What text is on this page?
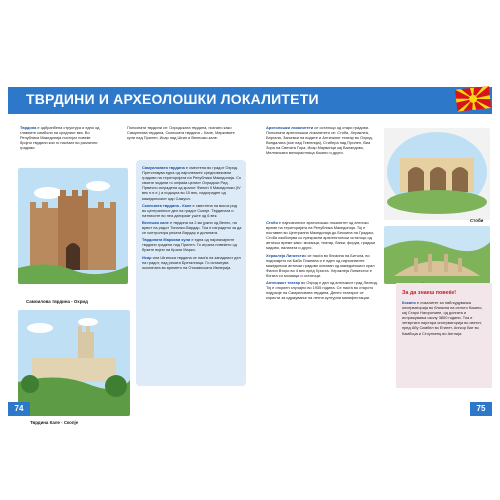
ТВРДИНИ И АРХЕОЛОШКИ ЛОКАЛИТЕТИ

Тврдина е одбранбена структура и едно од главните симболи на средниот век. Во Република Македонија постојат повеќе бројни тврдини кои го наоѓаат во различни градови.

Попознати тврдини се: Охридската тврдина, познато како Самуилова тврдина, Скопската тврдина – Кале, Марковите кули над Прилеп, Исар над Штип и Велешко кале.

Самоилова тврдина - Охрид
Тврдина Кале - Скопје

Самуиловата тврдина е сместена во градот Охрид. Претставува една од најголемите средновековни градови на територијата на Република Македонија. Со своите ѕидини го опфаќа целиот Охридски Рид. Првично изградена од кралот Филип II Македонски (IV век п.н.е.) а подоцна во 10 век, надограден од македонскиот цар Самуил.

Скопската тврдина - Кале е сместена на висок рид во централниот дел на градот Скопје. Тврдината и натписите во неа датираат уште од 6 век.

Велешко кале е тврдина на 2 км јужно од Велес, на врвот на ридот Топалко-Вардар. Тоа е изградено за да се контролира реката Вардар и долината.

Тврдината Маркови кули е една од најзначајните тврдини градени над Прилеп. Го играла повеќето од брзите војни на Крали Марко.

Исар или Штипска тврдина се наоѓа на западниот дел на градот, над реката Брегалница. Го истакнува околината во времето на Отоманската Империја.

74

Археолошки локалитети се остатоци од стари градови. Попознати археолошки локалитети се: Стоби, Хераклеа, Баргала, Зањевси на водите и Античкиот театар во Охрид, Виндалата (кое над Гевгелија), Стибера над Прилеп, Виа Зора на Светата Гора, Исар Марвинци кај Валандово, Мелничката мепорастница Кокино и други.

Стоби

Стоби е најпознатиот археолошки локалитет од античко време на територијата на Република Македонија. Тој е поставен во Централна Македонија до Бекоина на Градско. Стоби изобилува со прекрасни архитектонски остатоци од античко време како: мозаици, театар, бањи, форум, градски ѕидови, палатата и друго.

Хераклеја Линкестис се наоѓа во близина на Битола, во подножјето на Баба Планина и е еден од најпознатите македонски антички градови основан од македонскиот крал Филип Втори во 4 век пред Христа. Хераклеја Линкестис е богата со мозаици и остатоци.

Античкиот театар во Охрид е дел од античкиот град Лихнид. Тој е откриен случајно во 1935 година. Се наоѓа во старото подрачје на Самуиловата тврдина. Денес театарот се користи за одржување на летни културни манифестации.

За да знаеш повеќе!

Кокино е локалитет за набљудувачка опсерваторија во близина на селото Кокино, кај Старо Нагоричане, од долгата и истражувања околу 3800 години. Тоа е четвртата најстара опсерваторија во светот, пред Абу Симбел во Египет, Ангкор Ват во Камбоџа и Стоунхенџ во Англија.

75
